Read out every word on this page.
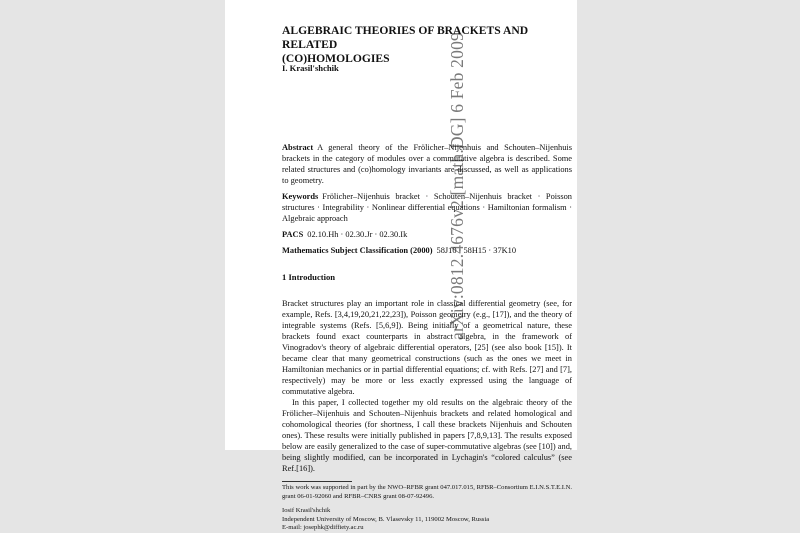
arXiv:0812.4676v2 [math.DG] 6 Feb 2009
ALGEBRAIC THEORIES OF BRACKETS AND RELATED
(CO)HOMOLOGIES
I. Krasil'shchik
Abstract A general theory of the Frölicher–Nijenhuis and Schouten–Nijenhuis brackets in the category of modules over a commutative algebra is described. Some related structures and (co)homology invariants are discussed, as well as applications to geometry.
Keywords Frölicher–Nijenhuis bracket · Schouten–Nijenhuis bracket · Poisson structures · Integrability · Nonlinear differential equations · Hamiltonian formalism · Algebraic approach
PACS 02.10.Hh · 02.30.Jr · 02.30.Ik
Mathematics Subject Classification (2000) 58J10 · 58H15 · 37K10
1 Introduction

Bracket structures play an important role in classical differential geometry (see, for example, Refs. [3,4,19,20,21,22,23]), Poisson geometry (e.g., [17]), and the theory of integrable systems (Refs. [5,6,9]). Being initially of a geometrical nature, these brackets found exact counterparts in abstract algebra, in the framework of Vinogradov's theory of algebraic differential operators, [25] (see also book [15]). It became clear that many geometrical constructions (such as the ones we meet in Hamiltonian mechanics or in partial differential equations; cf. with Refs. [27] and [7], respectively) may be more or less exactly expressed using the language of commutative algebra.

In this paper, I collected together my old results on the algebraic theory of the Frölicher–Nijenhuis and Schouten–Nijenhuis brackets and related homological and cohomological theories (for shortness, I call these brackets Nijenhuis and Schouten ones). These results were initially published in papers [7,8,9,13]. The results exposed below are easily generalized to the case of super-commutative algebras (see [10]) and, being slightly modified, can be incorporated in Lychagin's “colored calculus” (see Ref.[16]).

This work was supported in part by the NWO–RFBR grant 047.017.015, RFBR–Consortium E.I.N.S.T.E.I.N. grant 06-01-92060 and RFBR–CNRS grant 08-07-92496.
Iosif Krasil'shchik
Independent University of Moscow, B. Vlasevsky 11, 119002 Moscow, Russia
E-mail: josephk@diffiety.ac.ru
